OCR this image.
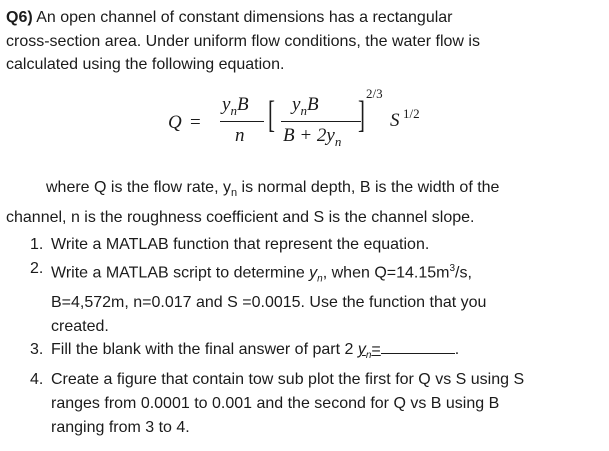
Q6) An open channel of constant dimensions has a rectangular
cross-section area. Under uniform flow conditions, the water flow is
calculated using the following equation.

Q =
$y_nB$
n [ $y_nB$
$B + 2y_n$
]
2/3
S 1/2

where Q is the flow rate, $y_n$ is normal depth, B is the width of the
channel, n is the roughness coefficient and S is the channel slope.

1. Write a MATLAB function that represent the equation.
2. Write a MATLAB script to determine $y_n$, when $Q=14.15m^3/s$,
B=4,572m, n=0.017 and S =0.0015. Use the function that you
created.
3. Fill the blank with the final answer of part 2 $y_n=$	.
4. Create a figure that contain tow sub plot the first for Q vs S using S
ranges from 0.0001 to 0.001 and the second for Q vs B using B
ranging from 3 to 4.
